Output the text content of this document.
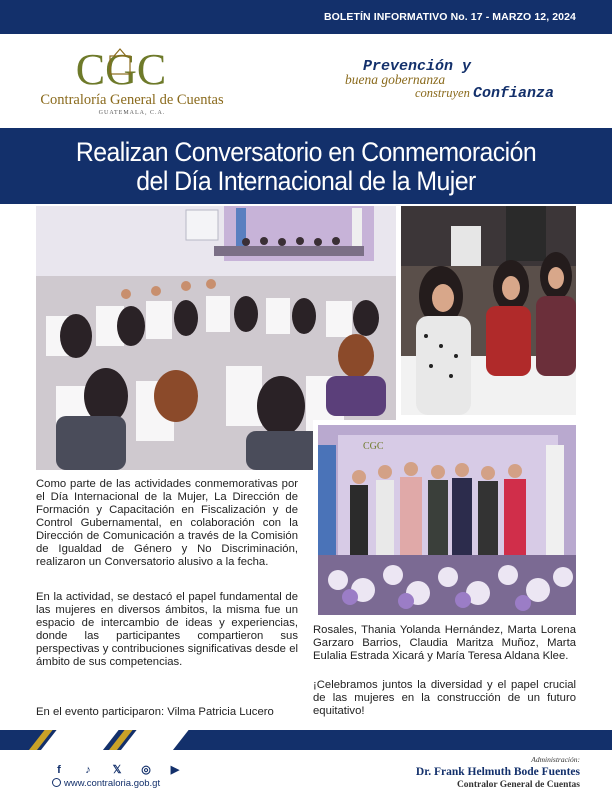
BOLETÍN INFORMATIVO No. 17 - MARZO 12, 2024
CGC
Contraloría General de Cuentas
GUATEMALA, C.A.
Prevención y
buena gobernanza
construyen Confianza
Realizan Conversatorio en Conmemoración
del Día Internacional de la Mujer
CGC

Como parte de las actividades conmemorativas por el Día Internacional de la Mujer, La Dirección de Formación y Capacitación en Fiscalización y de Control Gubernamental, en colaboración con la Dirección de Comunicación a través de la Comisión de Igualdad de Género y No Discriminación, realizaron un Conversatorio alusivo a la fecha.

En la actividad, se destacó el papel fundamental de las mujeres en diversos ámbitos, la misma fue un espacio de intercambio de ideas y experiencias, donde las participantes compartieron sus perspectivas y contribuciones significativas desde el ámbito de sus competencias.

En el evento participaron: Vilma Patricia Lucero

Rosales, Thania Yolanda Hernández, Marta Lorena Garzaro Barrios, Claudia Maritza Muñoz, Marta Eulalia Estrada Xicará y María Teresa Aldana Klee.

¡Celebramos juntos la diversidad y el papel crucial de las mujeres en la construcción de un futuro equitativo!

f ♪ 𝕏 ◎ ▶
www.contraloria.gob.gt
Administración:
Dr. Frank Helmuth Bode Fuentes
Contralor General de Cuentas
